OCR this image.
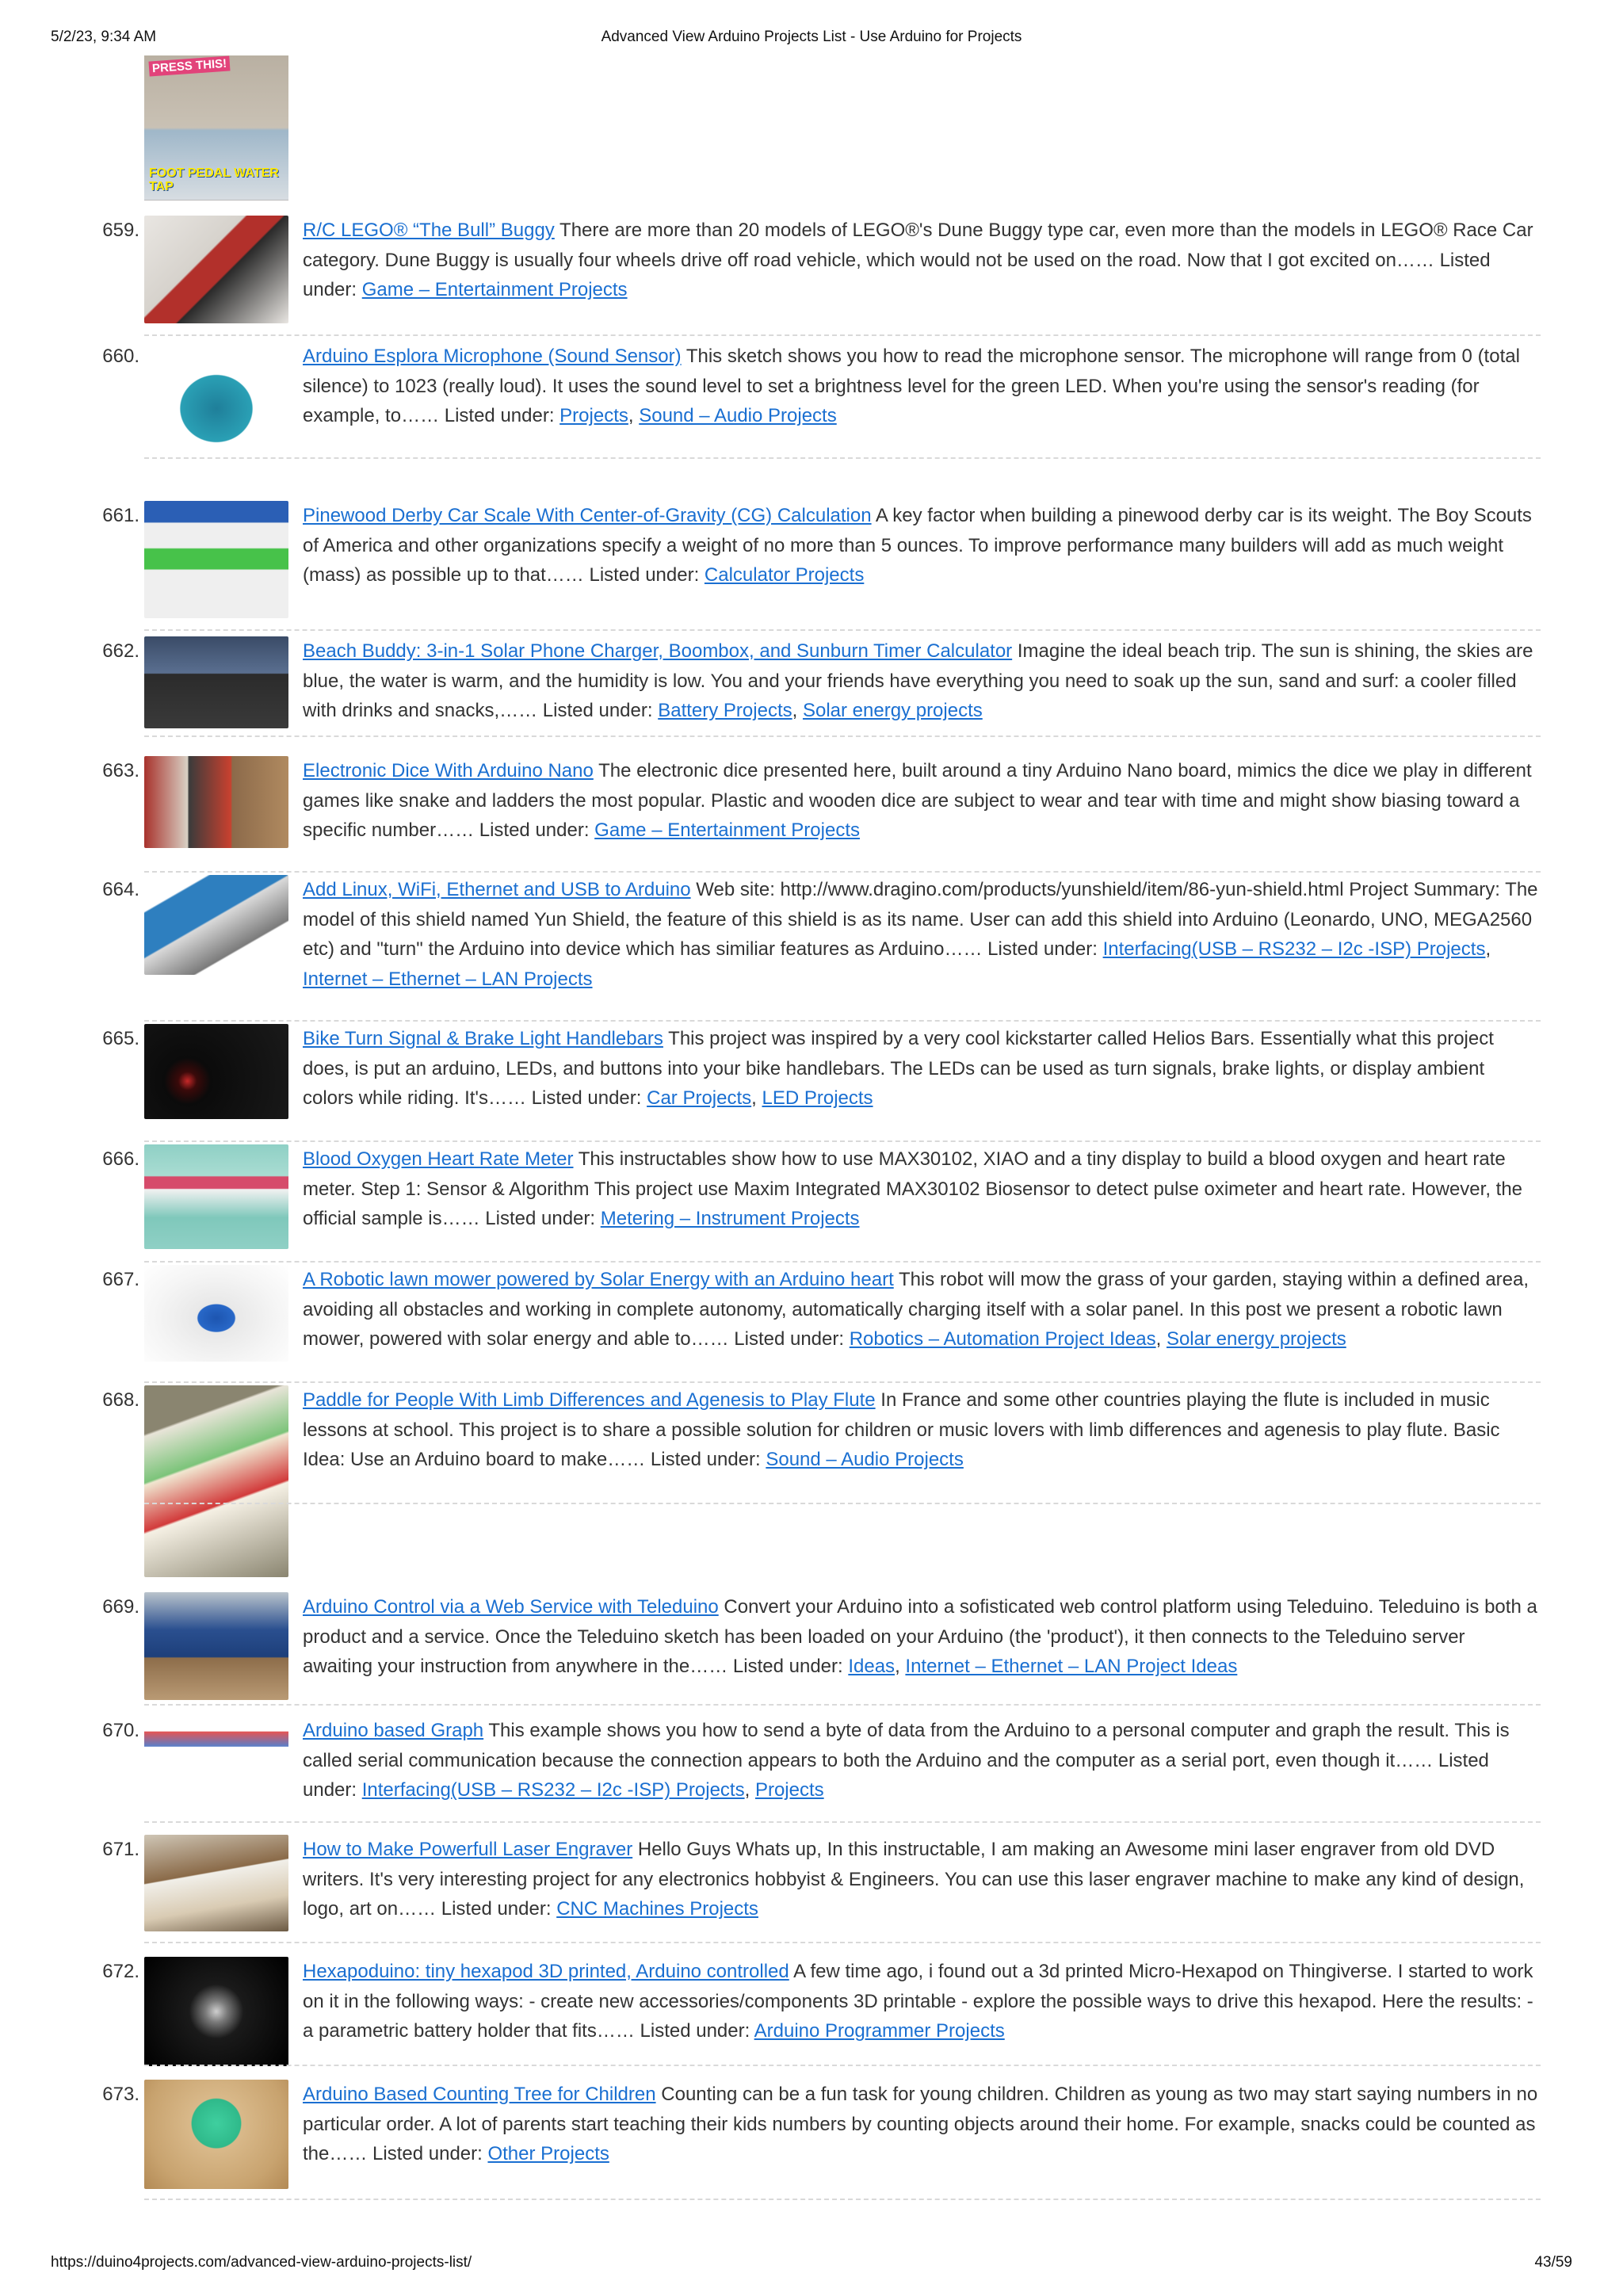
5/2/23, 9:34 AM	Advanced View Arduino Projects List - Use Arduino for Projects
PRESS THIS!
FOOT PEDAL WATER TAP
659.	R/C LEGO® “The Bull” Buggy There are more than 20 models of LEGO®'s Dune Buggy type car, even more than the models in LEGO® Race Car category. Dune Buggy is usually four wheels drive off road vehicle, which would not be used on the road. Now that I got excited on…… Listed under: Game – Entertainment Projects
660.	Arduino Esplora Microphone (Sound Sensor) This sketch shows you how to read the microphone sensor. The microphone will range from 0 (total silence) to 1023 (really loud). It uses the sound level to set a brightness level for the green LED. When you're using the sensor's reading (for example, to…… Listed under: Projects, Sound – Audio Projects
661.	Pinewood Derby Car Scale With Center-of-Gravity (CG) Calculation A key factor when building a pinewood derby car is its weight. The Boy Scouts of America and other organizations specify a weight of no more than 5 ounces. To improve performance many builders will add as much weight (mass) as possible up to that…… Listed under: Calculator Projects
662.	Beach Buddy: 3-in-1 Solar Phone Charger, Boombox, and Sunburn Timer Calculator Imagine the ideal beach trip. The sun is shining, the skies are blue, the water is warm, and the humidity is low. You and your friends have everything you need to soak up the sun, sand and surf: a cooler filled with drinks and snacks,…… Listed under: Battery Projects, Solar energy projects
663.	Electronic Dice With Arduino Nano The electronic dice presented here, built around a tiny Arduino Nano board, mimics the dice we play in different games like snake and ladders the most popular. Plastic and wooden dice are subject to wear and tear with time and might show biasing toward a specific number…… Listed under: Game – Entertainment Projects
664.	Add Linux, WiFi, Ethernet and USB to Arduino Web site: http://www.dragino.com/products/yunshield/item/86-yun-shield.html Project Summary: The model of this shield named Yun Shield, the feature of this shield is as its name. User can add this shield into Arduino (Leonardo, UNO, MEGA2560 etc) and "turn" the Arduino into device which has similiar features as Arduino…… Listed under: Interfacing(USB – RS232 – I2c -ISP) Projects, Internet – Ethernet – LAN Projects
665.	Bike Turn Signal & Brake Light Handlebars This project was inspired by a very cool kickstarter called Helios Bars. Essentially what this project does, is put an arduino, LEDs, and buttons into your bike handlebars. The LEDs can be used as turn signals, brake lights, or display ambient colors while riding. It's…… Listed under: Car Projects, LED Projects
666.	Blood Oxygen Heart Rate Meter This instructables show how to use MAX30102, XIAO and a tiny display to build a blood oxygen and heart rate meter. Step 1: Sensor & Algorithm This project use Maxim Integrated MAX30102 Biosensor to detect pulse oximeter and heart rate. However, the official sample is…… Listed under: Metering – Instrument Projects
667.	A Robotic lawn mower powered by Solar Energy with an Arduino heart This robot will mow the grass of your garden, staying within a defined area, avoiding all obstacles and working in complete autonomy, automatically charging itself with a solar panel. In this post we present a robotic lawn mower, powered with solar energy and able to…… Listed under: Robotics – Automation Project Ideas, Solar energy projects
668.	Paddle for People With Limb Differences and Agenesis to Play Flute In France and some other countries playing the flute is included in music lessons at school. This project is to share a possible solution for children or music lovers with limb differences and agenesis to play flute. Basic Idea: Use an Arduino board to make…… Listed under: Sound – Audio Projects
669.	Arduino Control via a Web Service with Teleduino Convert your Arduino into a sofisticated web control platform using Teleduino. Teleduino is both a product and a service. Once the Teleduino sketch has been loaded on your Arduino (the 'product'), it then connects to the Teleduino server awaiting your instruction from anywhere in the…… Listed under: Ideas, Internet – Ethernet – LAN Project Ideas
670.	Arduino based Graph This example shows you how to send a byte of data from the Arduino to a personal computer and graph the result. This is called serial communication because the connection appears to both the Arduino and the computer as a serial port, even though it…… Listed under: Interfacing(USB – RS232 – I2c -ISP) Projects, Projects
671.	How to Make Powerfull Laser Engraver Hello Guys Whats up, In this instructable, I am making an Awesome mini laser engraver from old DVD writers. It's very interesting project for any electronics hobbyist & Engineers. You can use this laser engraver machine to make any kind of design, logo, art on…… Listed under: CNC Machines Projects
672.	Hexapoduino: tiny hexapod 3D printed, Arduino controlled A few time ago, i found out a 3d printed Micro-Hexapod on Thingiverse. I started to work on it in the following ways: - create new accessories/components 3D printable - explore the possible ways to drive this hexapod. Here the results: - a parametric battery holder that fits…… Listed under: Arduino Programmer Projects
673.	Arduino Based Counting Tree for Children Counting can be a fun task for young children. Children as young as two may start saying numbers in no particular order. A lot of parents start teaching their kids numbers by counting objects around their home. For example, snacks could be counted as the…… Listed under: Other Projects
https://duino4projects.com/advanced-view-arduino-projects-list/	43/59
